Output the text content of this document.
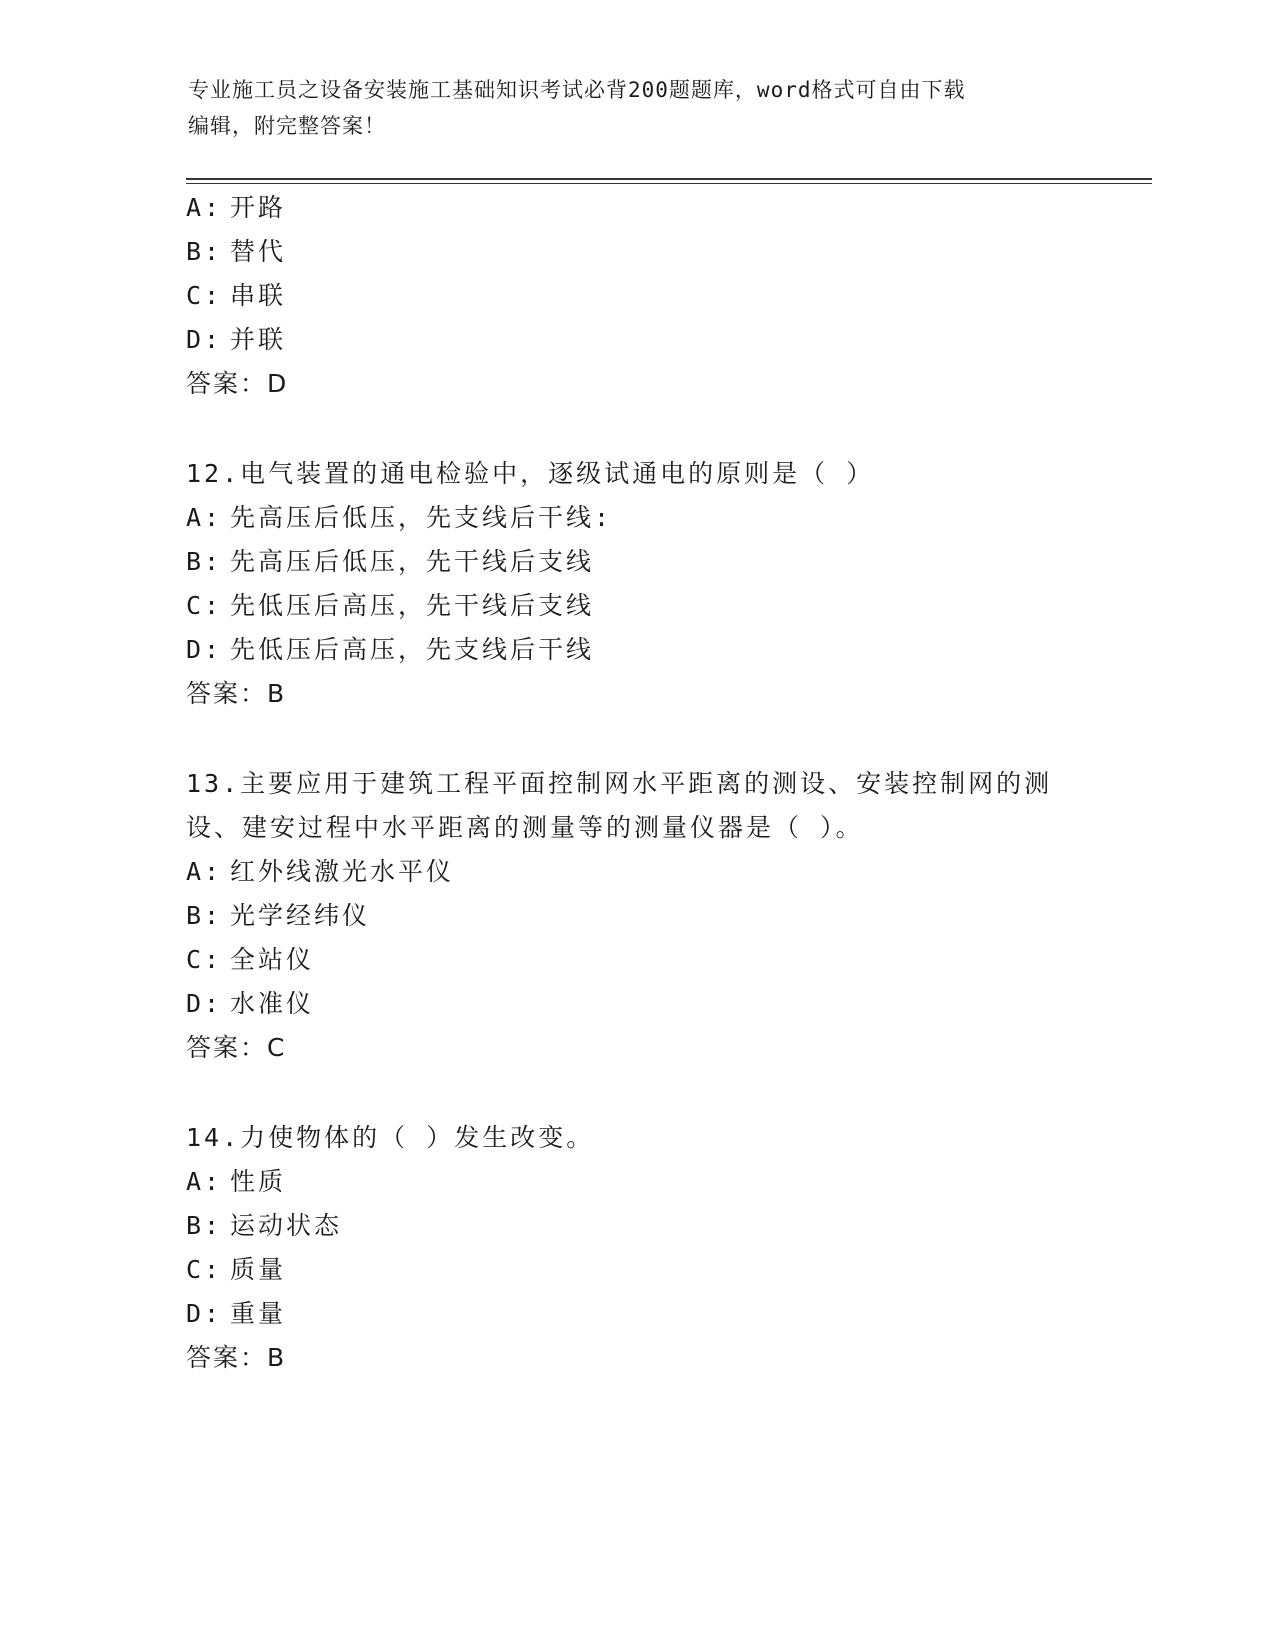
专业施工员之设备安装施工基础知识考试必背200题题库，word格式可自由下载
编辑，附完整答案！
A: 开路
B: 替代
C: 串联
D: 并联
答案：D
12.电气装置的通电检验中，逐级试通电的原则是（ ）
A: 先高压后低压，先支线后干线:
B: 先高压后低压，先干线后支线
C: 先低压后高压，先干线后支线
D: 先低压后高压，先支线后干线
答案：B
13.主要应用于建筑工程平面控制网水平距离的测设、安装控制网的测
设、建安过程中水平距离的测量等的测量仪器是（ ）。
A: 红外线激光水平仪
B: 光学经纬仪
C: 全站仪
D: 水准仪
答案：C
14.力使物体的（ ）发生改变。
A: 性质
B: 运动状态
C: 质量
D: 重量
答案：B
